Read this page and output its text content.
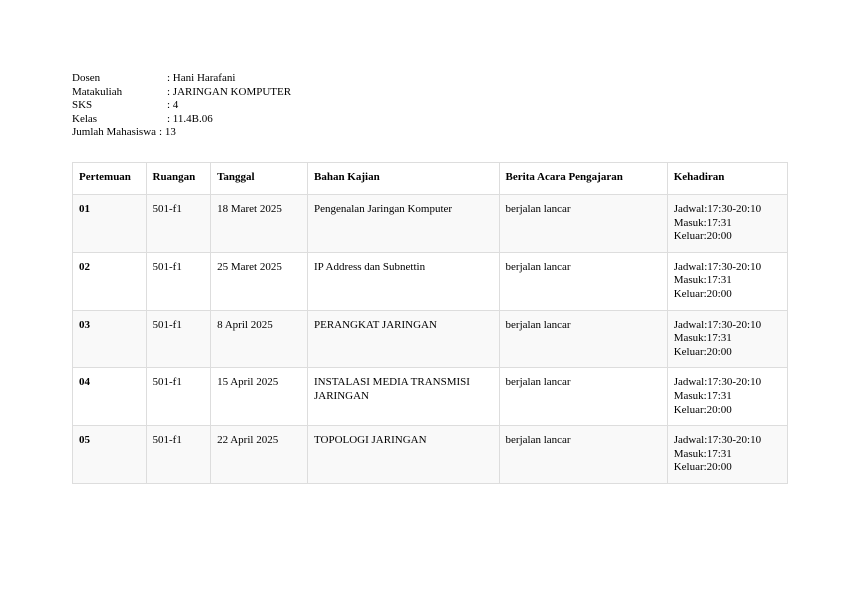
Dosen	: Hani Harafani
Matakuliah	: JARINGAN KOMPUTER
SKS	: 4
Kelas	: 11.4B.06
Jumlah Mahasiswa : 13
Pertemuan	Ruangan	Tanggal	Bahan Kajian	Berita Acara Pengajaran	Kehadiran
01	501-f1	18 Maret 2025	Pengenalan Jaringan Komputer	berjalan lancar	Jadwal:17:30-20:10
Masuk:17:31
Keluar:20:00

02	501-f1	25 Maret 2025	IP Address dan Subnettin	berjalan lancar	Jadwal:17:30-20:10
Masuk:17:31
Keluar:20:00

03	501-f1	8 April 2025	PERANGKAT JARINGAN	berjalan lancar	Jadwal:17:30-20:10
Masuk:17:31
Keluar:20:00

04	501-f1	15 April 2025	INSTALASI MEDIA TRANSMISI JARINGAN	berjalan lancar	Jadwal:17:30-20:10
Masuk:17:31
Keluar:20:00

05	501-f1	22 April 2025	TOPOLOGI JARINGAN	berjalan lancar	Jadwal:17:30-20:10
Masuk:17:31
Keluar:20:00
